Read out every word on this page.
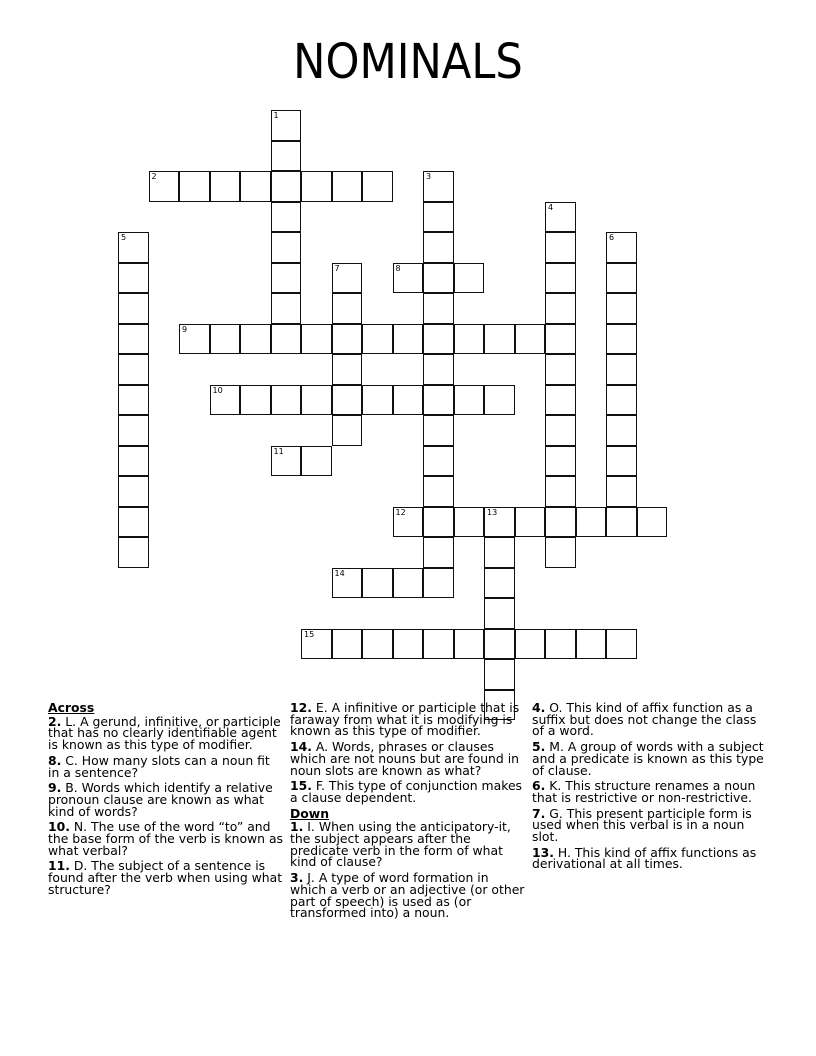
NOMINALS
1
2	3
4
5	6
7	8
9
10
11
12	13
14
15
Across
2. L. A gerund, infinitive, or participle that has no clearly identifiable agent is known as this type of modifier.
8. C. How many slots can a noun fit in a sentence?
9. B. Words which identify a relative pronoun clause are known as what kind of words?
10. N. The use of the word “to” and the base form of the verb is known as what verbal?
11. D. The subject of a sentence is found after the verb when using what structure?
12. E. A infinitive or participle that is faraway from what it is modifying is known as this type of modifier.
14. A. Words, phrases or clauses which are not nouns but are found in noun slots are known as what?
15. F. This type of conjunction makes a clause dependent.
Down
1. I. When using the anticipatory-it, the subject appears after the predicate verb in the form of what kind of clause?
3. J. A type of word formation in which a verb or an adjective (or other part of speech) is used as (or transformed into) a noun.
4. O. This kind of affix function as a suffix but does not change the class of a word.
5. M. A group of words with a subject and a predicate is known as this type of clause.
6. K. This structure renames a noun that is restrictive or non-restrictive.
7. G. This present participle form is used when this verbal is in a noun slot.
13. H. This kind of affix functions as derivational at all times.
